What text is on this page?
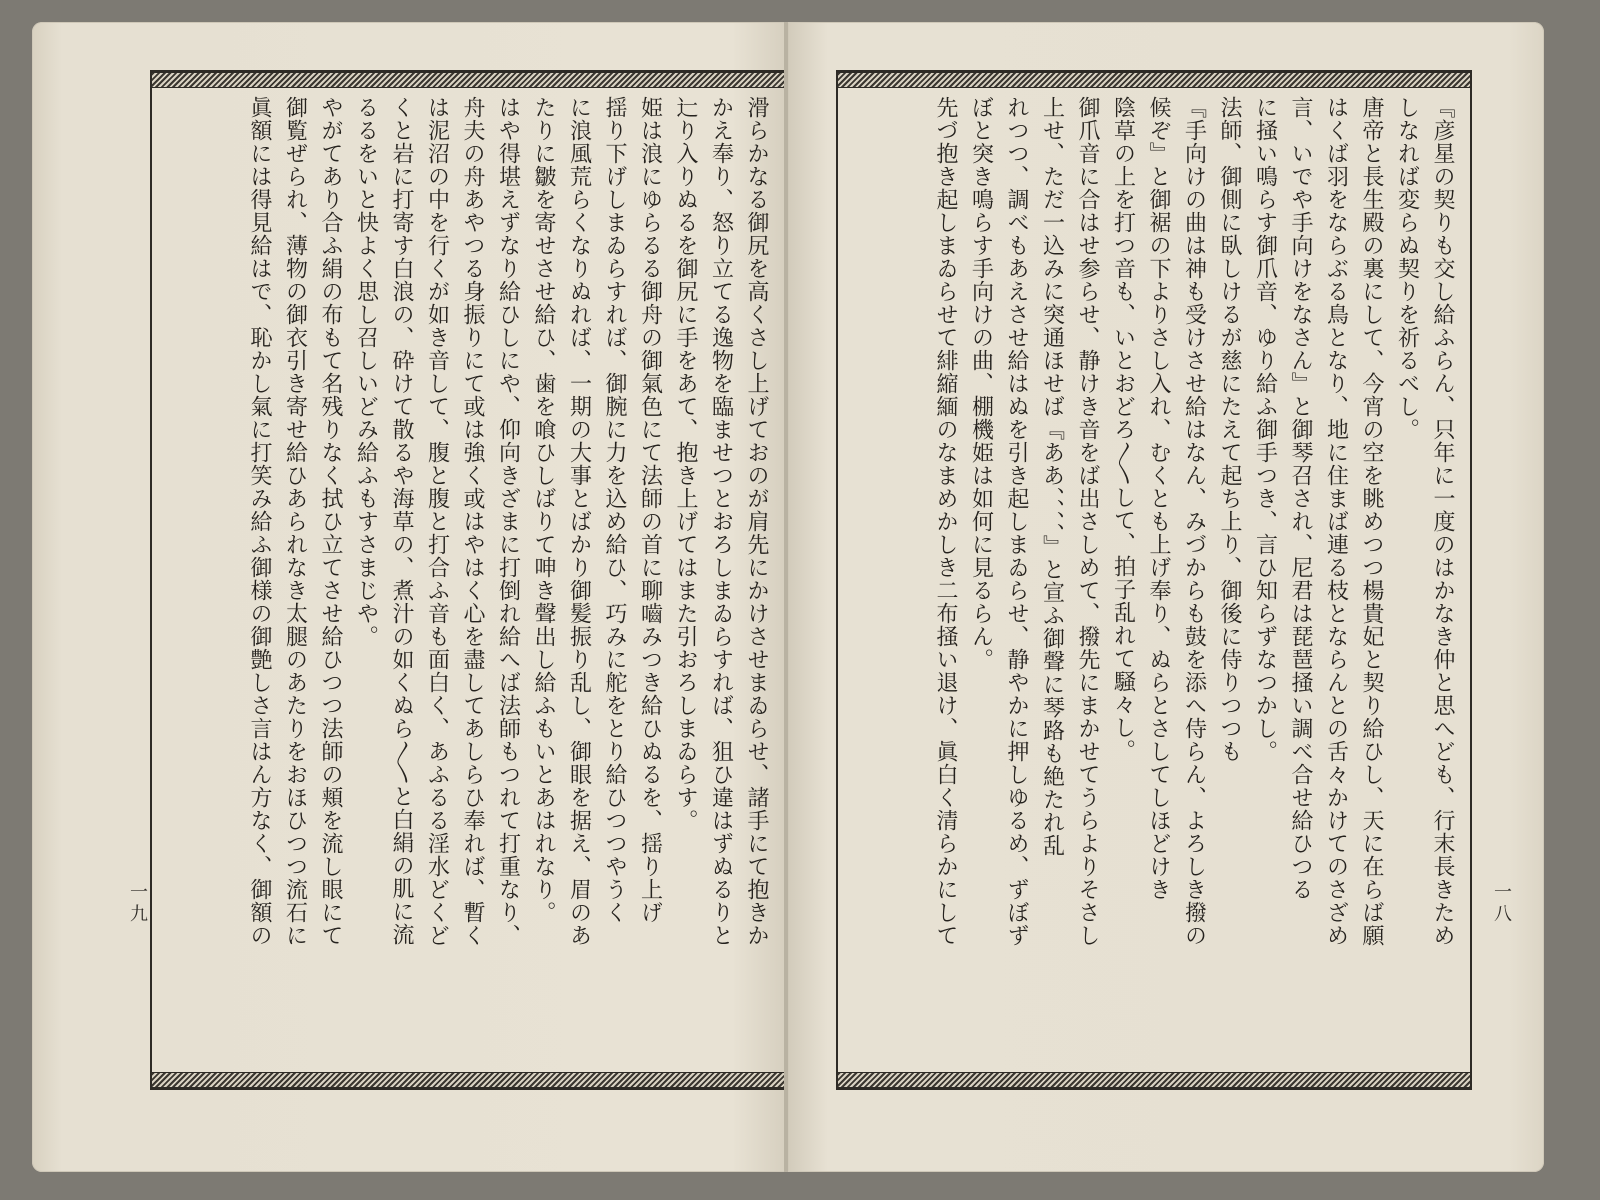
滑らかなる御尻を高くさし上げておのが肩先にかけさせまゐらせ、諸手にて抱きか
かえ奉り、怒り立てる逸物を臨ませつとおろしまゐらすれば、狙ひ違はずぬるりと
辷り入りぬるを御尻に手をあて、抱き上げてはまた引おろしまゐらす。
姫は浪にゆらるる御舟の御氣色にて法師の首に聊嚙みつき給ひぬるを、揺り上げ
揺り下げしまゐらすれば、御腕に力を込め給ひ、巧みに舵をとり給ひつつやうく
に浪風荒らくなりぬれば、一期の大事とばかり御髪振り乱し、御眼を据え、眉のあ
たりに皺を寄せさせ給ひ、歯を喰ひしばりて呻き聲出し給ふもいとあはれなり。
はや得堪えずなり給ひしにや、仰向きざまに打倒れ給へば法師もつれて打重なり、
舟夫の舟あやつる身振りにて或は強く或はやはく心を盡してあしらひ奉れば、暫く
は泥沼の中を行くが如き音して、腹と腹と打合ふ音も面白く、あふるる淫水どくど
くと岩に打寄す白浪の、砕けて散るや海草の、煮汁の如くぬら〳〵と白絹の肌に流
るるをいと快よく思し召しいどみ給ふもすさまじや。
やがてあり合ふ絹の布もて名残りなく拭ひ立てさせ給ひつつ法師の頬を流し眼にて
御覧ぜられ、薄物の御衣引き寄せ給ひあられなき太腿のあたりをおほひつつ流石に
眞額には得見給はで、恥かし氣に打笑み給ふ御様の御艶しさ言はん方なく、御額の
一九	『彦星の契りも交し給ふらん、只年に一度のはかなき仲と思へども、行末長きため
しなれば変らぬ契りを祈るべし。
唐帝と長生殿の裏にして、今宵の空を眺めつつ楊貴妃と契り給ひし、天に在らば願
はくば羽をならぶる鳥となり、地に住まば連る枝とならんとの舌々かけてのさざめ
言、いでや手向けをなさん』と御琴召され、尼君は琵琶掻い調べ合せ給ひつる
に掻い鳴らす御爪音、ゆり給ふ御手つき、言ひ知らずなつかし。
法師、御側に臥しけるが慈にたえて起ち上り、御後に侍りつつも
『手向けの曲は神も受けさせ給はなん、みづからも鼓を添へ侍らん、よろしき撥の
候ぞ』と御裾の下よりさし入れ、むくとも上げ奉り、ぬらとさしてしほどけき
陰草の上を打つ音も、いとおどろ〳〵して、拍子乱れて騒々し。
御爪音に合はせ参らせ、静けき音をば出さしめて、撥先にまかせてうらよりそさし
上せ、ただ一込みに突通ほせば『ああ、、、、』と宣ふ御聲に琴路も絶たれ乱
れつつ、調べもあえさせ給はぬを引き起しまゐらせ、静やかに押しゆるめ、ずぼず
ぼと突き鳴らす手向けの曲、棚機姫は如何に見るらん。
先づ抱き起しまゐらせて緋縮緬のなまめかしき二布掻い退け、眞白く清らかにして	一八
